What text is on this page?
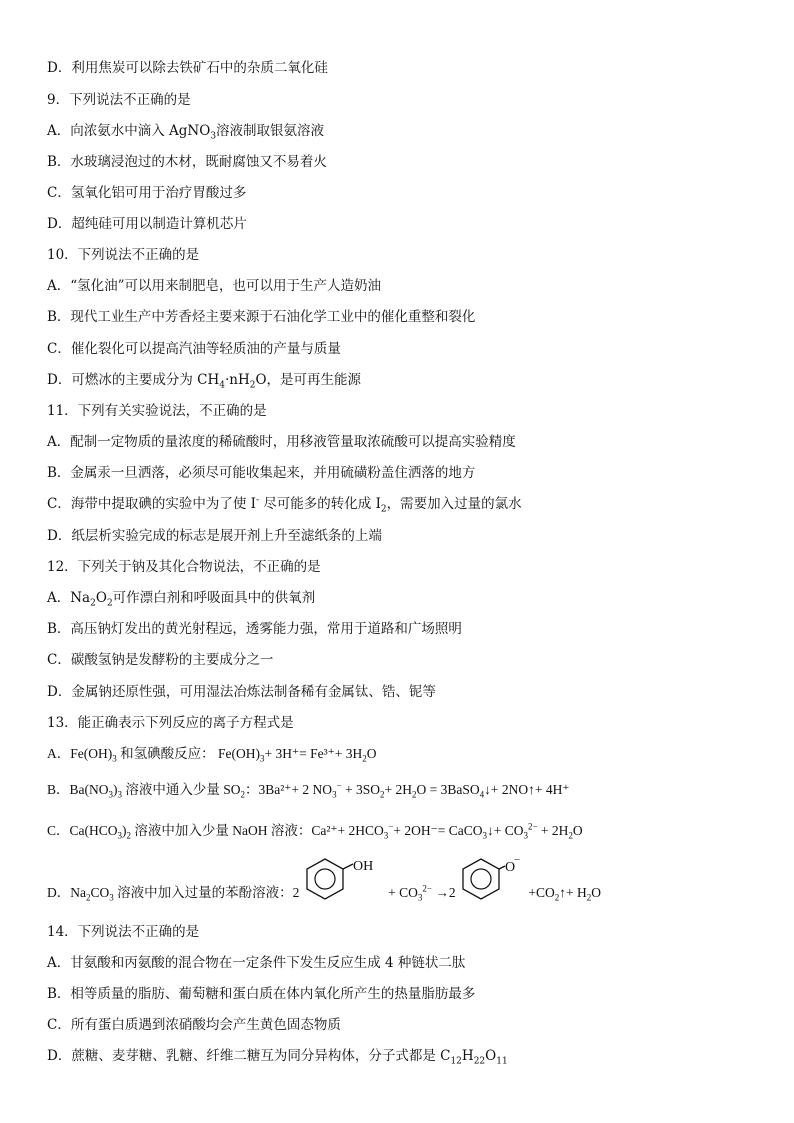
D．利用焦炭可以除去铁矿石中的杂质二氧化硅
9．下列说法不正确的是
A．向浓氨水中滴入 AgNO$_3$溶液制取银氨溶液
B．水玻璃浸泡过的木材，既耐腐蚀又不易着火
C．氢氧化铝可用于治疗胃酸过多
D．超纯硅可用以制造计算机芯片
10．下列说法不正确的是
A．“氢化油”可以用来制肥皂，也可以用于生产人造奶油
B．现代工业生产中芳香烃主要来源于石油化学工业中的催化重整和裂化
C．催化裂化可以提高汽油等轻质油的产量与质量
D．可燃冰的主要成分为 $CH_4\cdot nH_2O$，是可再生能源
11．下列有关实验说法，不正确的是
A．配制一定物质的量浓度的稀硫酸时，用移液管量取浓硫酸可以提高实验精度
B．金属汞一旦洒落，必须尽可能收集起来，并用硫磺粉盖住洒落的地方
C．海带中提取碘的实验中为了使 I- 尽可能多的转化成 $I_2$，需要加入过量的氯水
D．纸层析实验完成的标志是展开剂上升至滤纸条的上端
12．下列关于钠及其化合物说法，不正确的是
A．$Na_2O_2$可作漂白剂和呼吸面具中的供氧剂
B．高压钠灯发出的黄光射程远，透雾能力强，常用于道路和广场照明
C．碳酸氢钠是发酵粉的主要成分之一
D．金属钠还原性强，可用湿法冶炼法制备稀有金属钛、锆、铌等
13．能正确表示下列反应的离子方程式是
A．$Fe(OH)_3$ 和氢碘酸反应： $Fe(OH)_3+ 3H^+= Fe^{3+}+ 3H_2O$
B．$Ba(NO_3)_3$ 溶液中通入少量 $SO_2$：3Ba²⁺+ 2 $NO_3^- + 3SO_2+ 2H_2O$ = 3BaSO$_4$↓+ 2NO↑+ 4H⁺
C．$Ca(HCO_3)_2$ 溶液中加入少量 NaOH 溶液：$Ca^{2+}+ 2HCO_3^-+ 2OH^-=$ CaCO$_3$↓+ $CO_3^{2-} + 2H_2O$
D．$Na_2CO_3$ 溶液中加入过量的苯酚溶液：2
OH
+ $CO_3^{2-} \to 2$
O
−
$+CO_2↑+ H_2O$
14．下列说法不正确的是
A．甘氨酸和丙氨酸的混合物在一定条件下发生反应生成 4 种链状二肽
B．相等质量的脂肪、葡萄糖和蛋白质在体内氧化所产生的热量脂肪最多
C．所有蛋白质遇到浓硝酸均会产生黄色固态物质
D．蔗糖、麦芽糖、乳糖、纤维二糖互为同分异构体，分子式都是 $C_{12}H_{22}O_{11}$
